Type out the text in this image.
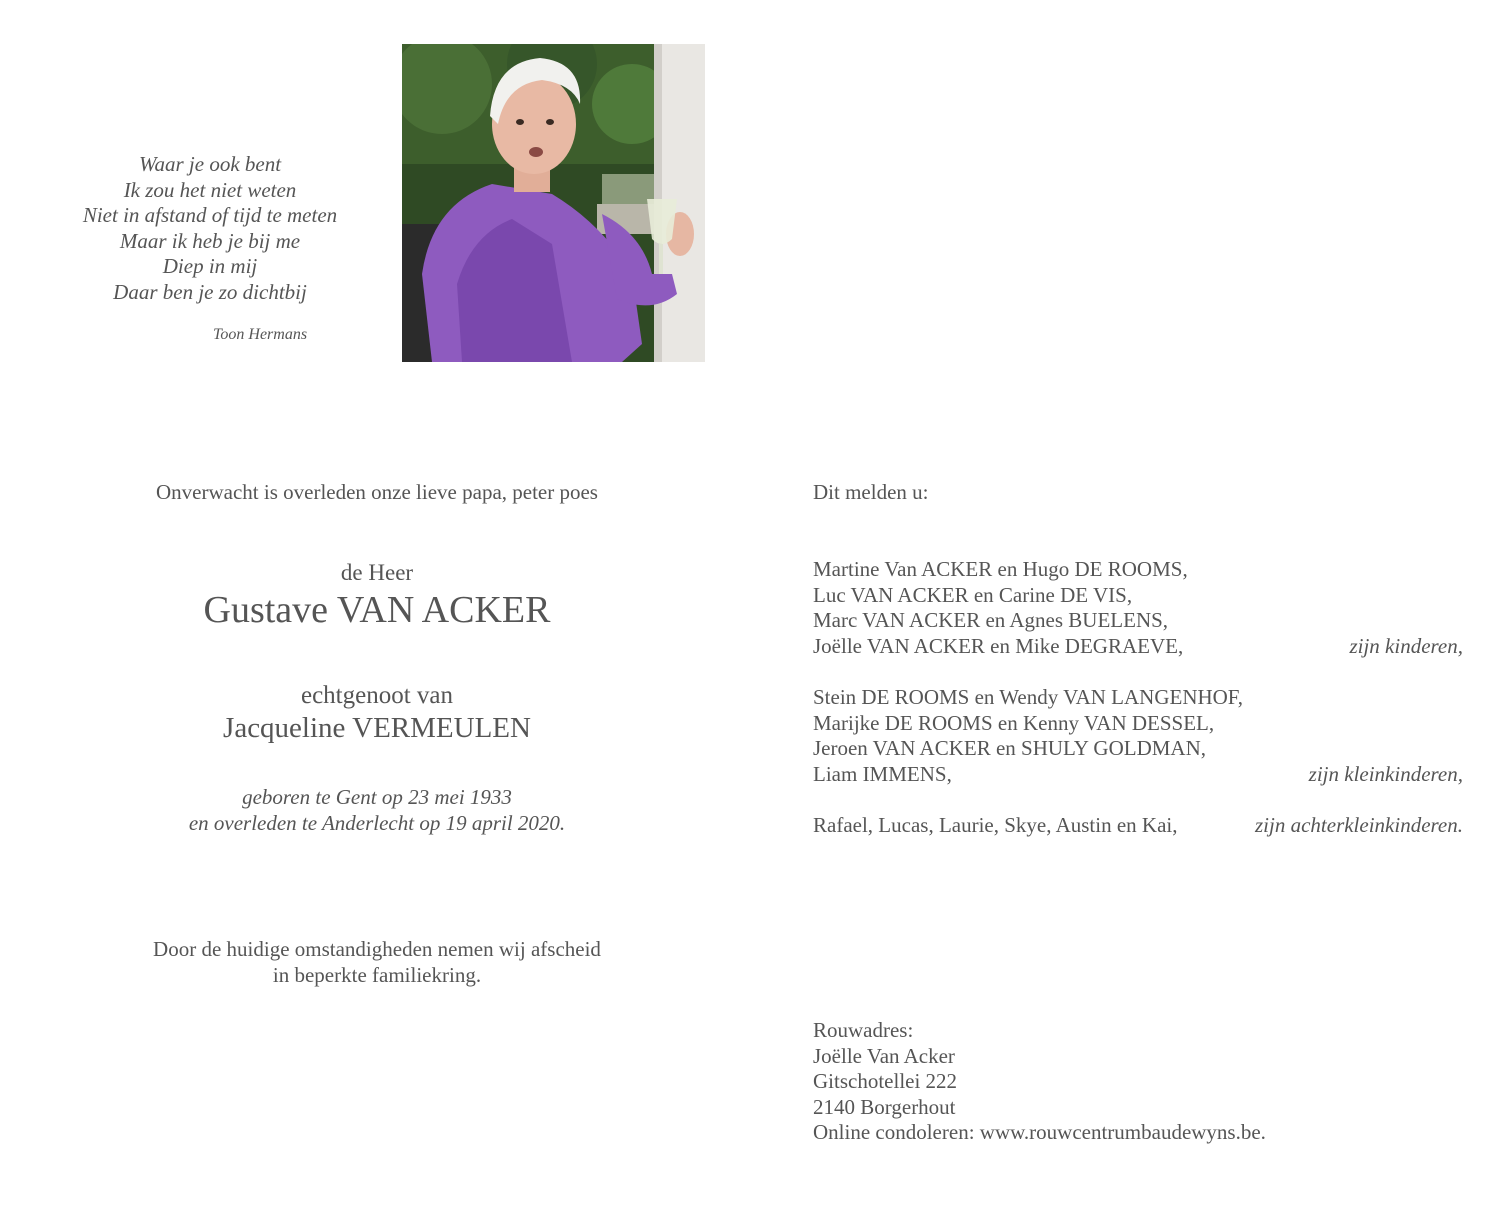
Waar je ook bent
Ik zou het niet weten
Niet in afstand of tijd te meten
Maar ik heb je bij me
Diep in mij
Daar ben je zo dichtbij
Toon Hermans
Onverwacht is overleden onze lieve papa, peter poes
de Heer
Gustave VAN ACKER
echtgenoot van
Jacqueline VERMEULEN
geboren te Gent op 23 mei 1933
en overleden te Anderlecht op 19 april 2020.
Door de huidige omstandigheden nemen wij afscheid
in beperkte familiekring.
Dit melden u:
Martine Van ACKER en Hugo DE ROOMS,
Luc VAN ACKER en Carine DE VIS,
Marc VAN ACKER en Agnes BUELENS,
Joëlle VAN ACKER en Mike DEGRAEVE,	zijn kinderen,
Stein DE ROOMS en Wendy VAN LANGENHOF,
Marijke DE ROOMS en Kenny VAN DESSEL,
Jeroen VAN ACKER en SHULY GOLDMAN,
Liam IMMENS,	zijn kleinkinderen,
Rafael, Lucas, Laurie, Skye, Austin en Kai,	zijn achterkleinkinderen.
Rouwadres:
Joëlle Van Acker
Gitschotellei 222
2140 Borgerhout
Online condoleren: www.rouwcentrumbaudewyns.be.
